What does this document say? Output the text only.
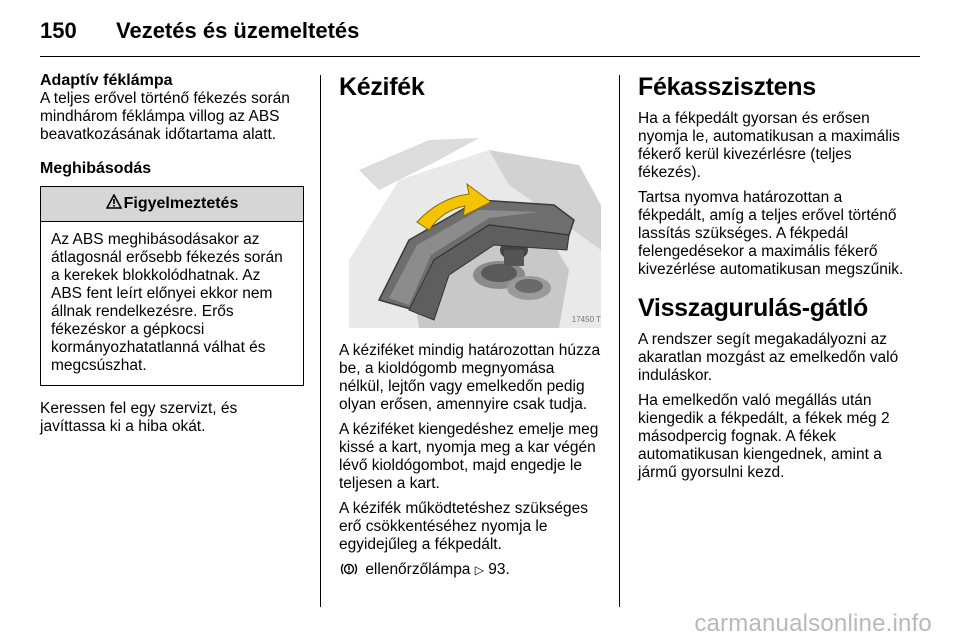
150 Vezetés és üzemeltetés
Adaptív féklámpa

A teljes erővel történő fékezés során mindhárom féklámpa villog az ABS beavatkozásának időtartama alatt.

Meghibásodás
Figyelmeztetés
Az ABS meghibásodásakor az átlagosnál erősebb fékezés során a kerekek blokkolódhatnak. Az ABS fent leírt előnyei ekkor nem állnak rendelkezésre. Erős fékezéskor a gépkocsi kormányozhatatlanná válhat és megcsúszhat.

Keressen fel egy szervizt, és javíttassa ki a hiba okát.

Kézifék
17450 T

A kéziféket mindig határozottan húzza be, a kioldógomb megnyomása nélkül, lejtőn vagy emelkedőn pedig olyan erősen, amennyire csak tudja.

A kéziféket kiengedéshez emelje meg kissé a kart, nyomja meg a kar végén lévő kioldógombot, majd engedje le teljesen a kart.

A kézifék működtetéshez szükséges erő csökkentéséhez nyomja le egyidejűleg a fékpedált.

ellenőrzőlámpa ▷ 93.

Fékasszisztens

Ha a fékpedált gyorsan és erősen nyomja le, automatikusan a maximális fékerő kerül kivezérlésre (teljes fékezés).

Tartsa nyomva határozottan a fékpedált, amíg a teljes erővel történő lassítás szükséges. A fékpedál felengedésekor a maximális fékerő kivezérlése automatikusan megszűnik.

Visszagurulás-gátló

A rendszer segít megakadályozni az akaratlan mozgást az emelkedőn való induláskor.

Ha emelkedőn való megállás után kiengedik a fékpedált, a fékek még 2 másodpercig fognak. A fékek automatikusan kiengednek, amint a jármű gyorsulni kezd.

carmanualsonline.info
